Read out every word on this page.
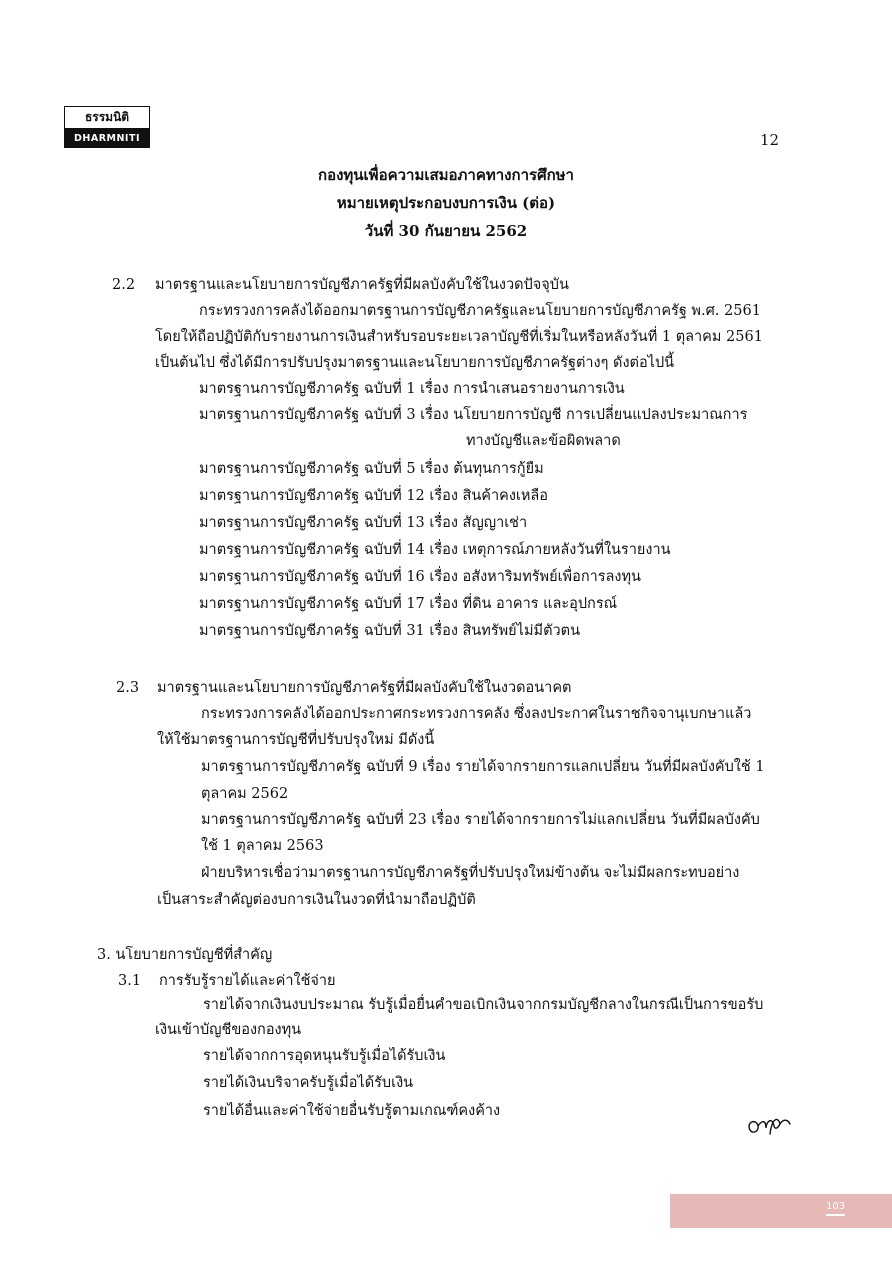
ธรรมนิติ
DHARMNITI	12
กองทุนเพื่อความเสมอภาคทางการศึกษา
หมายเหตุประกอบงบการเงิน (ต่อ)
วันที่ 30 กันยายน 2562
2.2 มาตรฐานและนโยบายการบัญชีภาครัฐที่มีผลบังคับใช้ในงวดปัจจุบัน
กระทรวงการคลังได้ออกมาตรฐานการบัญชีภาครัฐและนโยบายการบัญชีภาครัฐ พ.ศ. 2561
โดยให้ถือปฏิบัติกับรายงานการเงินสำหรับรอบระยะเวลาบัญชีที่เริ่มในหรือหลังวันที่ 1 ตุลาคม 2561
เป็นต้นไป ซึ่งได้มีการปรับปรุงมาตรฐานและนโยบายการบัญชีภาครัฐต่างๆ ดังต่อไปนี้
มาตรฐานการบัญชีภาครัฐ ฉบับที่ 1 เรื่อง การนำเสนอรายงานการเงิน
มาตรฐานการบัญชีภาครัฐ ฉบับที่ 3 เรื่อง นโยบายการบัญชี การเปลี่ยนแปลงประมาณการ
ทางบัญชีและข้อผิดพลาด
มาตรฐานการบัญชีภาครัฐ ฉบับที่ 5 เรื่อง ต้นทุนการกู้ยืม
มาตรฐานการบัญชีภาครัฐ ฉบับที่ 12 เรื่อง สินค้าคงเหลือ
มาตรฐานการบัญชีภาครัฐ ฉบับที่ 13 เรื่อง สัญญาเช่า
มาตรฐานการบัญชีภาครัฐ ฉบับที่ 14 เรื่อง เหตุการณ์ภายหลังวันที่ในรายงาน
มาตรฐานการบัญชีภาครัฐ ฉบับที่ 16 เรื่อง อสังหาริมทรัพย์เพื่อการลงทุน
มาตรฐานการบัญชีภาครัฐ ฉบับที่ 17 เรื่อง ที่ดิน อาคาร และอุปกรณ์
มาตรฐานการบัญชีภาครัฐ ฉบับที่ 31 เรื่อง สินทรัพย์ไม่มีตัวตน
2.3 มาตรฐานและนโยบายการบัญชีภาครัฐที่มีผลบังคับใช้ในงวดอนาคต
กระทรวงการคลังได้ออกประกาศกระทรวงการคลัง ซึ่งลงประกาศในราชกิจจานุเบกษาแล้ว
ให้ใช้มาตรฐานการบัญชีที่ปรับปรุงใหม่ มีดังนี้
มาตรฐานการบัญชีภาครัฐ ฉบับที่ 9 เรื่อง รายได้จากรายการแลกเปลี่ยน วันที่มีผลบังคับใช้ 1
ตุลาคม 2562
มาตรฐานการบัญชีภาครัฐ ฉบับที่ 23 เรื่อง รายได้จากรายการไม่แลกเปลี่ยน วันที่มีผลบังคับ
ใช้ 1 ตุลาคม 2563
ฝ่ายบริหารเชื่อว่ามาตรฐานการบัญชีภาครัฐที่ปรับปรุงใหม่ข้างต้น จะไม่มีผลกระทบอย่าง
เป็นสาระสำคัญต่องบการเงินในงวดที่นำมาถือปฏิบัติ
3. นโยบายการบัญชีที่สำคัญ
3.1 การรับรู้รายได้และค่าใช้จ่าย
รายได้จากเงินงบประมาณ รับรู้เมื่อยื่นคำขอเบิกเงินจากกรมบัญชีกลางในกรณีเป็นการขอรับ
เงินเข้าบัญชีของกองทุน
รายได้จากการอุดหนุนรับรู้เมื่อได้รับเงิน
รายได้เงินบริจาครับรู้เมื่อได้รับเงิน
รายได้อื่นและค่าใช้จ่ายอื่นรับรู้ตามเกณฑ์คงค้าง
103
